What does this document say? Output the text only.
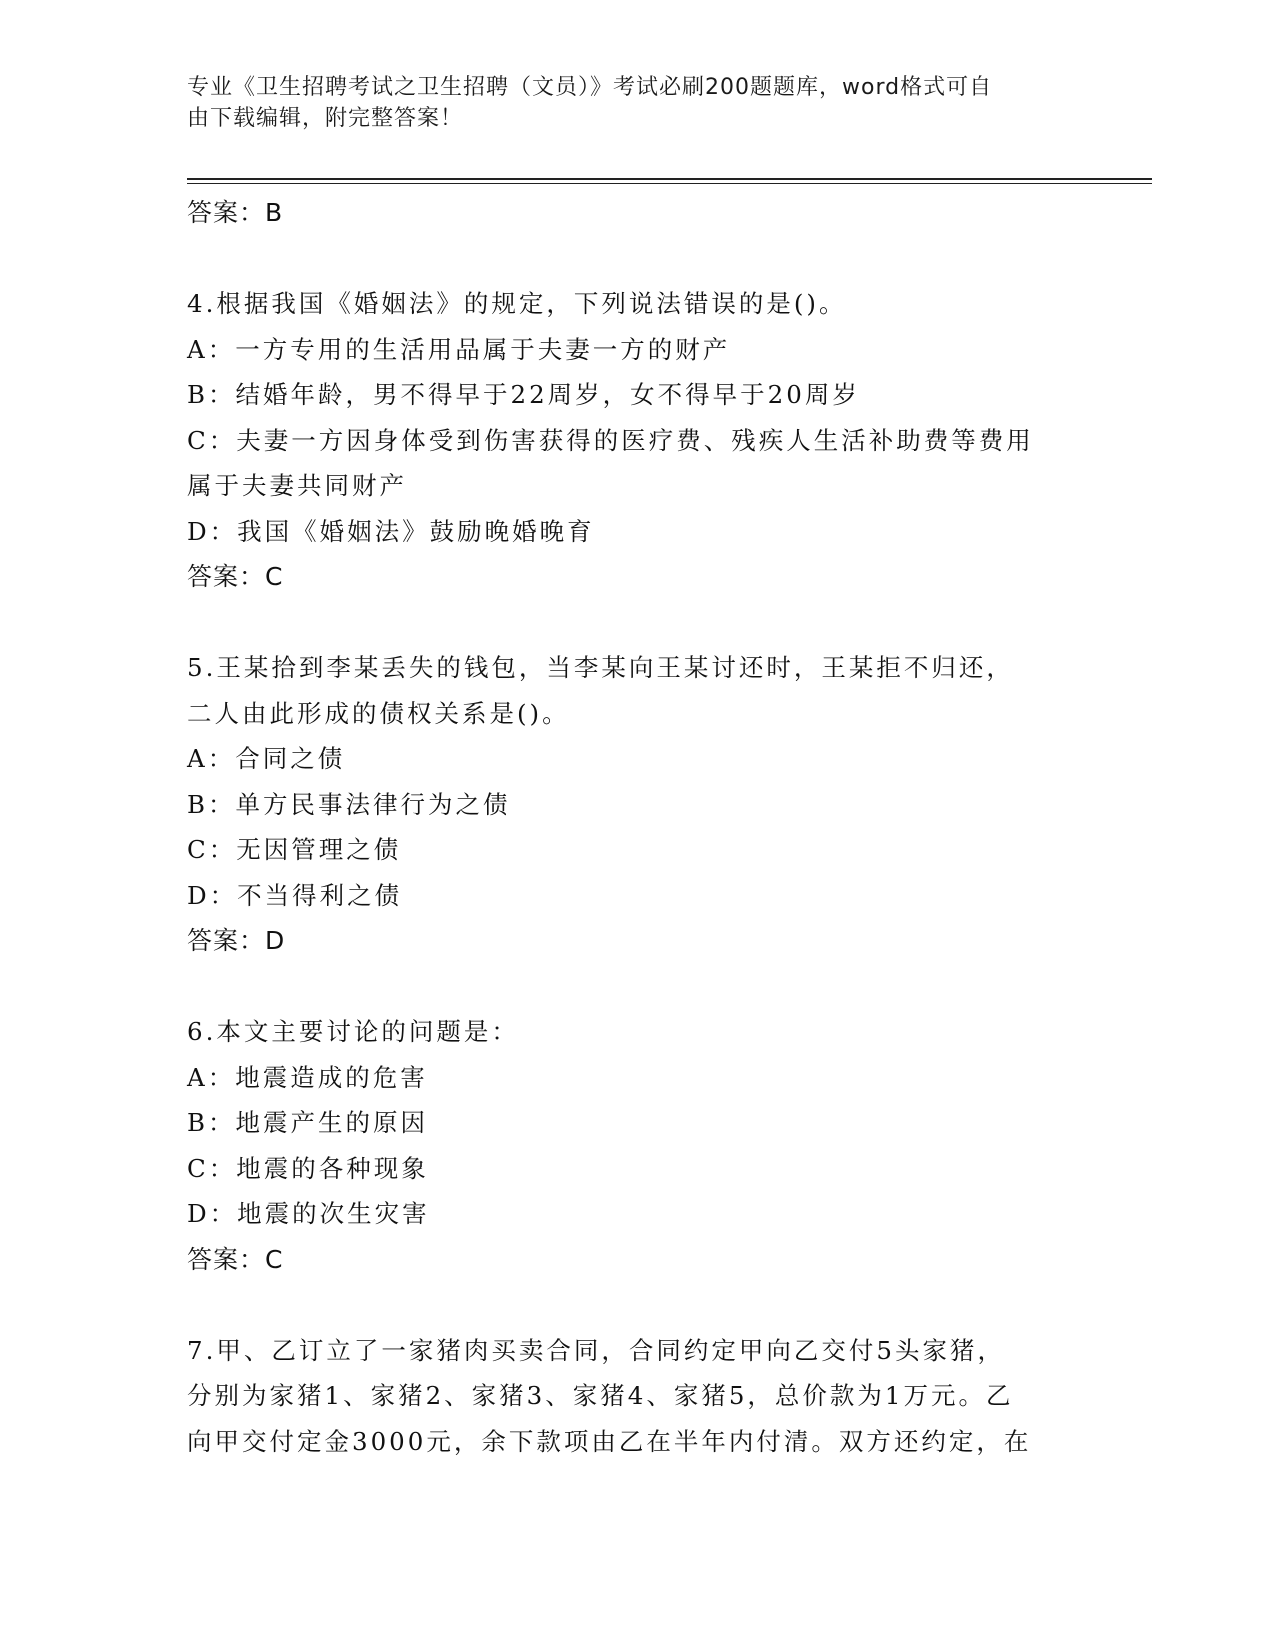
专业《卫生招聘考试之卫生招聘（文员）》考试必刷200题题库，word格式可自
由下载编辑，附完整答案！
答案：B
4.根据我国《婚姻法》的规定，下列说法错误的是()。
A：一方专用的生活用品属于夫妻一方的财产
B：结婚年龄，男不得早于22周岁，女不得早于20周岁
C：夫妻一方因身体受到伤害获得的医疗费、残疾人生活补助费等费用
属于夫妻共同财产
D：我国《婚姻法》鼓励晚婚晚育
答案：C
5.王某拾到李某丢失的钱包，当李某向王某讨还时，王某拒不归还，
二人由此形成的债权关系是()。
A：合同之债
B：单方民事法律行为之债
C：无因管理之债
D：不当得利之债
答案：D
6.本文主要讨论的问题是：
A：地震造成的危害
B：地震产生的原因
C：地震的各种现象
D：地震的次生灾害
答案：C
7.甲、乙订立了一家猪肉买卖合同，合同约定甲向乙交付5头家猪，
分别为家猪1、家猪2、家猪3、家猪4、家猪5，总价款为1万元。乙
向甲交付定金3000元，余下款项由乙在半年内付清。双方还约定，在
